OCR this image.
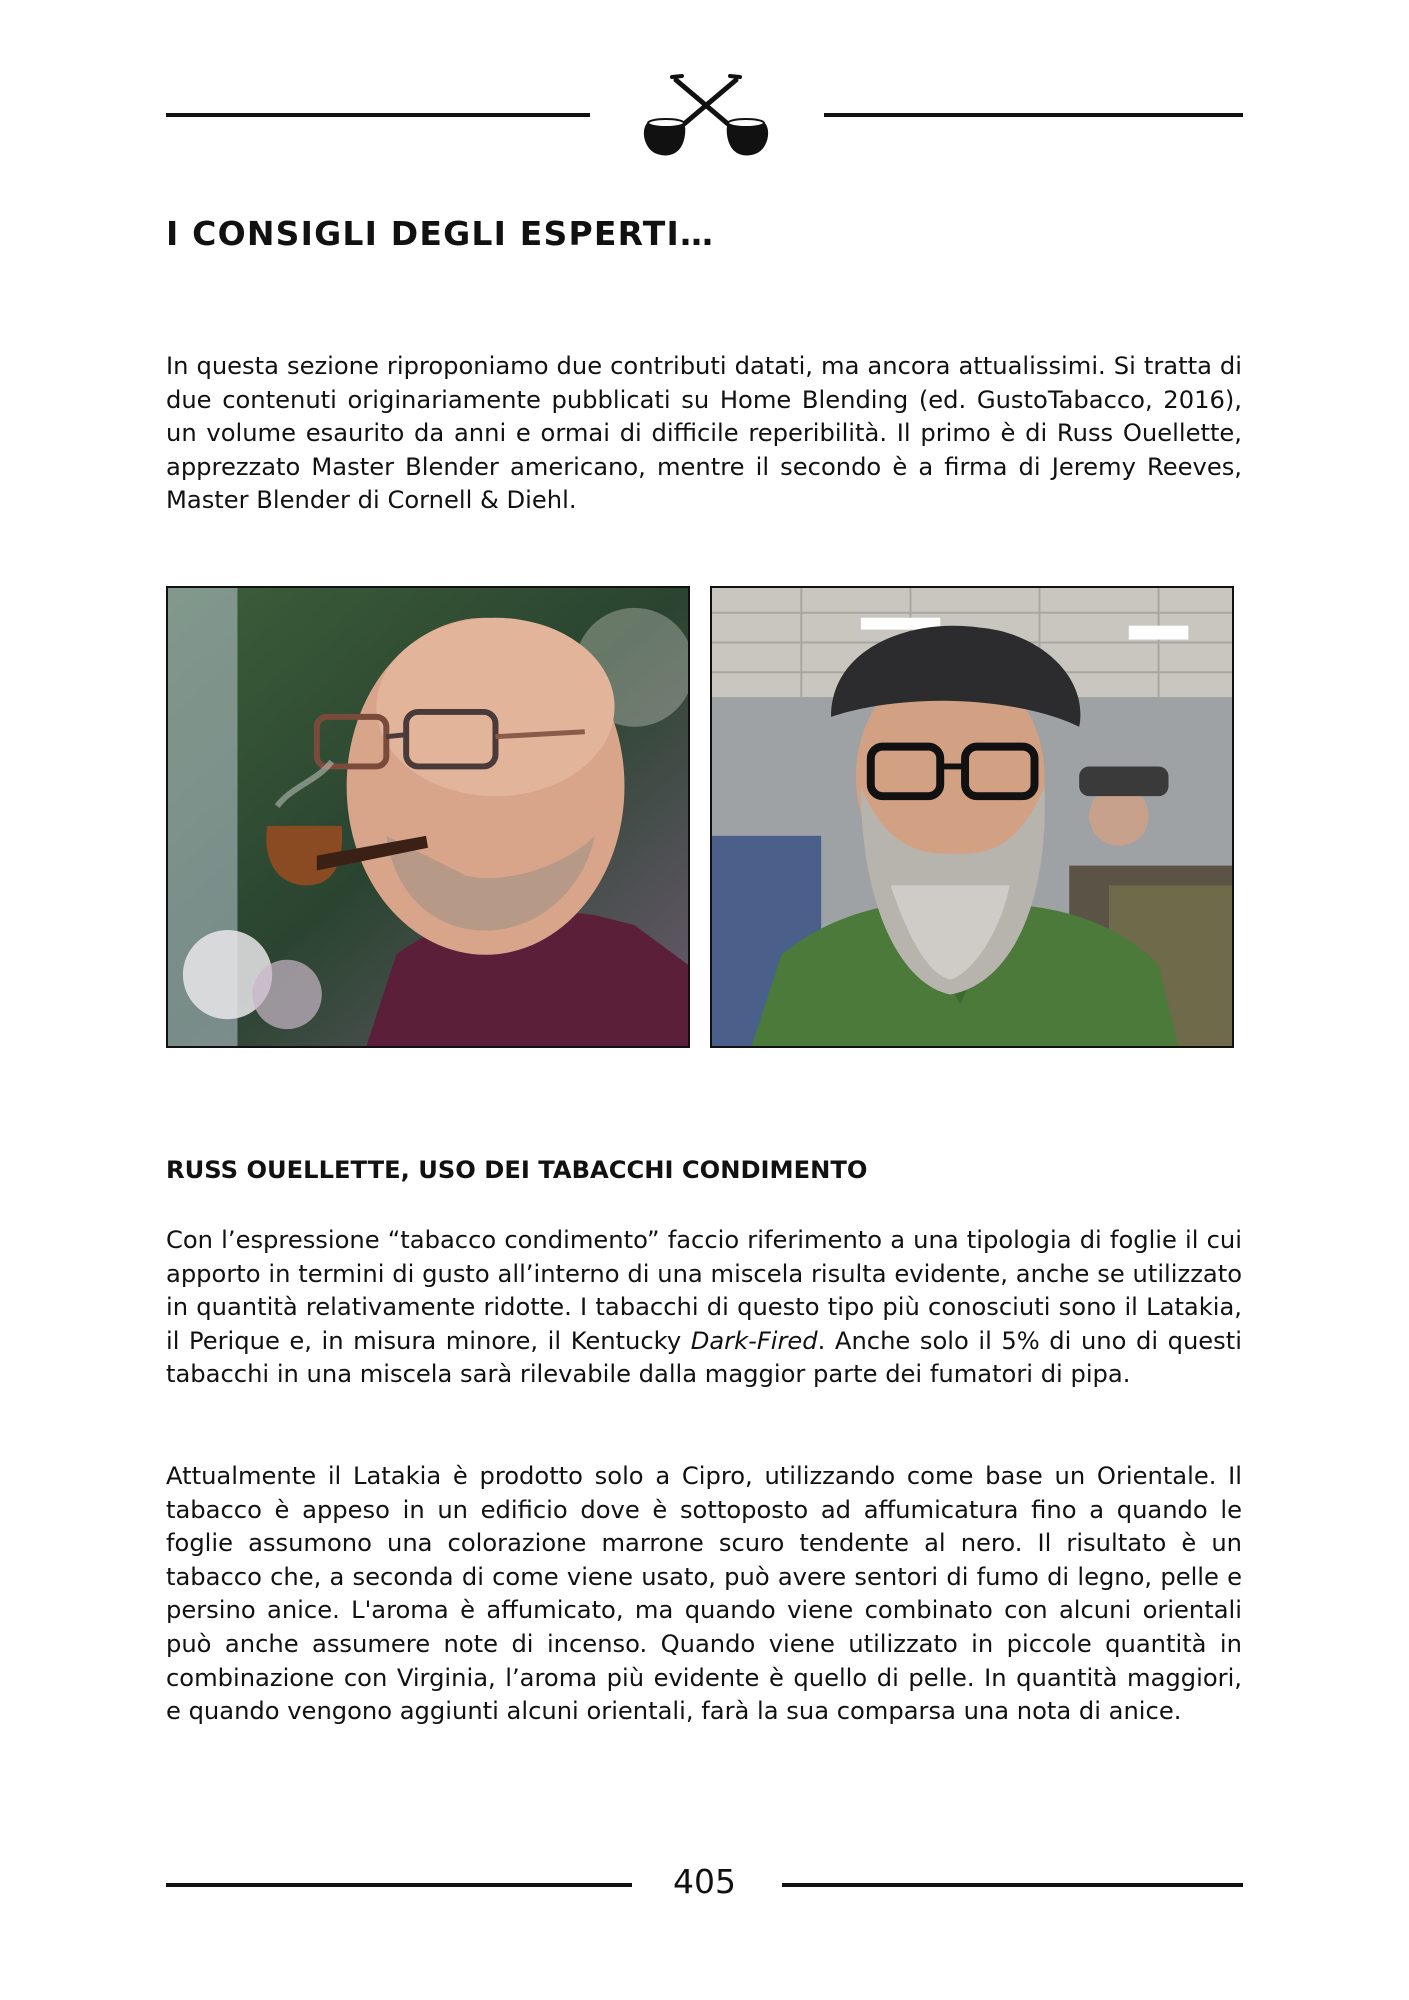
I CONSIGLI DEGLI ESPERTI…

In questa sezione riproponiamo due contributi datati, ma ancora attualissimi. Si tratta di due contenuti originariamente pubblicati su Home Blending (ed. GustoTabacco, 2016), un volume esaurito da anni e ormai di difficile reperibilità. Il primo è di Russ Ouellette, apprezzato Master Blender americano, mentre il secondo è a firma di Jeremy Reeves, Master Blender di Cornell & Diehl.

RUSS OUELLETTE, USO DEI TABACCHI CONDIMENTO

Con l’espressione “tabacco condimento” faccio riferimento a una tipologia di foglie il cui apporto in termini di gusto all’interno di una miscela risulta evidente, anche se utilizzato in quantità relativamente ridotte. I tabacchi di questo tipo più conosciuti sono il Latakia, il Perique e, in misura minore, il Kentucky Dark-Fired. Anche solo il 5% di uno di questi tabacchi in una miscela sarà rilevabile dalla maggior parte dei fumatori di pipa.

Attualmente il Latakia è prodotto solo a Cipro, utilizzando come base un Orientale. Il tabacco è appeso in un edificio dove è sottoposto ad affumicatura fino a quando le foglie assumono una colorazione marrone scuro tendente al nero. Il risultato è un tabacco che, a seconda di come viene usato, può avere sentori di fumo di legno, pelle e persino anice. L'aroma è affumicato, ma quando viene combinato con alcuni orientali può anche assumere note di incenso. Quando viene utilizzato in piccole quantità in combinazione con Virginia, l’aroma più evidente è quello di pelle. In quantità maggiori, e quando vengono aggiunti alcuni orientali, farà la sua comparsa una nota di anice.

405
